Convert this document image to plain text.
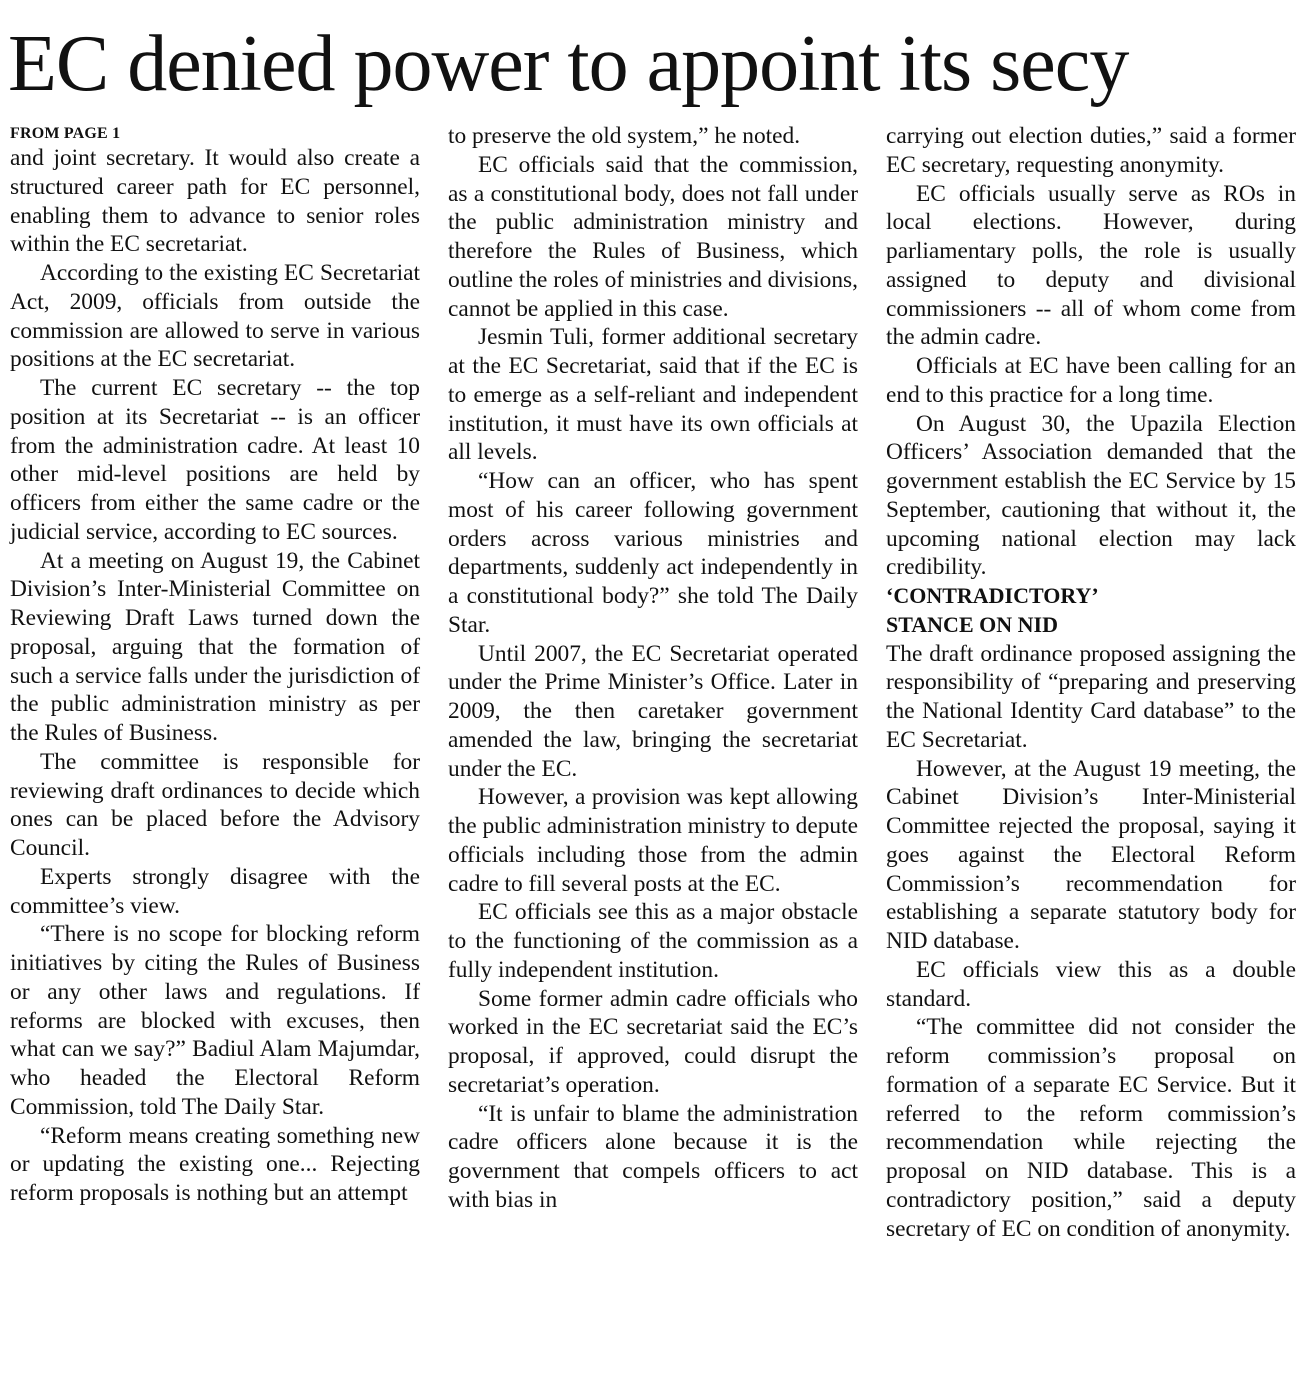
EC denied power to appoint its secy
FROM PAGE 1

and joint secretary. It would also create a structured career path for EC personnel, enabling them to advance to senior roles within the EC secretariat.

According to the existing EC Secretariat Act, 2009, officials from outside the commission are allowed to serve in various positions at the EC secretariat.

The current EC secretary -- the top position at its Secretariat -- is an officer from the administration cadre. At least 10 other mid-level positions are held by officers from either the same cadre or the judicial service, according to EC sources.

At a meeting on August 19, the Cabinet Division’s Inter-Ministerial Committee on Reviewing Draft Laws turned down the proposal, arguing that the formation of such a service falls under the jurisdiction of the public administration ministry as per the Rules of Business.

The committee is responsible for reviewing draft ordinances to decide which ones can be placed before the Advisory Council.

Experts strongly disagree with the committee’s view.

“There is no scope for blocking reform initiatives by citing the Rules of Business or any other laws and regulations. If reforms are blocked with excuses, then what can we say?” Badiul Alam Majumdar, who headed the Electoral Reform Commission, told The Daily Star.

“Reform means creating something new or updating the existing one... Rejecting reform proposals is nothing but an attempt

to preserve the old system,” he noted.

EC officials said that the commission, as a constitutional body, does not fall under the public administration ministry and therefore the Rules of Business, which outline the roles of ministries and divisions, cannot be applied in this case.

Jesmin Tuli, former additional secretary at the EC Secretariat, said that if the EC is to emerge as a self-reliant and independent institution, it must have its own officials at all levels.

“How can an officer, who has spent most of his career following government orders across various ministries and departments, suddenly act independently in a constitutional body?” she told The Daily Star.

Until 2007, the EC Secretariat operated under the Prime Minister’s Office. Later in 2009, the then caretaker government amended the law, bringing the secretariat under the EC.

However, a provision was kept allowing the public administration ministry to depute officials including those from the admin cadre to fill several posts at the EC.

EC officials see this as a major obstacle to the functioning of the commission as a fully independent institution.

Some former admin cadre officials who worked in the EC secretariat said the EC’s proposal, if approved, could disrupt the secretariat’s operation.

“It is unfair to blame the administration cadre officers alone because it is the government that compels officers to act with bias in

carrying out election duties,” said a former EC secretary, requesting anonymity.

EC officials usually serve as ROs in local elections. However, during parliamentary polls, the role is usually assigned to deputy and divisional commissioners -- all of whom come from the admin cadre.

Officials at EC have been calling for an end to this practice for a long time.

On August 30, the Upazila Election Officers’ Association demanded that the government establish the EC Service by 15 September, cautioning that without it, the upcoming national election may lack credibility.

‘CONTRADICTORY’
STANCE ON NID

The draft ordinance proposed assigning the responsibility of “preparing and preserving the National Identity Card database” to the EC Secretariat.

However, at the August 19 meeting, the Cabinet Division’s Inter-Ministerial Committee rejected the proposal, saying it goes against the Electoral Reform Commission’s recommendation for establishing a separate statutory body for NID database.

EC officials view this as a double standard.

“The committee did not consider the reform commission’s proposal on formation of a separate EC Service. But it referred to the reform commission’s recommendation while rejecting the proposal on NID database. This is a contradictory position,” said a deputy secretary of EC on condition of anonymity.
